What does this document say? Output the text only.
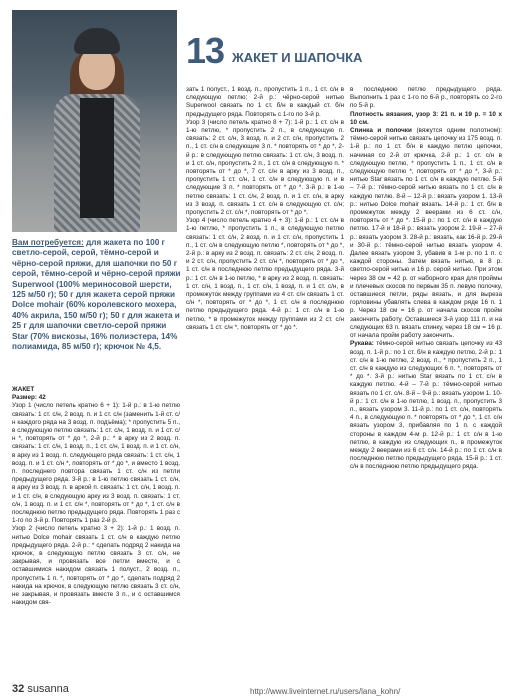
13 ЖАКЕТ И ШАПОЧКА
Вам потребуется: для жакета по 100 г светло-серой, серой, тёмно-серой и чёрно-серой пряжи, для шапочки по 50 г серой, тёмно-серой и чёрно-серой пряжи Superwool (100% мериносовой шерсти, 125 м/50 г); 50 г для жакета серой пряжи Dolce mohair (60% королевского мохера, 40% акрила, 150 м/50 г); 50 г для жакета и 25 г для шапочки светло-серой пряжи Star (70% вискозы, 16% полиэстера, 14% полиамида, 85 м/50 г); крючок № 4,5.
ЖАКЕТ
Размер: 42

Узор 1 (число петель кратно 6 + 1): 1-й р.: в 1-ю петлю связать: 1 ст. с/н, 2 возд. п. и 1 ст. с/н (заменить 1-й ст. с/н каждого ряда на 3 возд. п. подъёма); * пропустить 5 п., в следующую петлю связать: 1 ст. с/н, 1 возд. п. и 1 ст. с/н *, повторять от * до *, 2-й р.: * в арку из 2 возд. п. связать: 1 ст. с/н, 1 возд. п., 1 ст. с/н, 1 возд. п. и 1 ст. с/н, в арку из 1 возд. п. следующего ряда связать: 1 ст. с/н, 1 возд. п. и 1 ст. с/н *, повторять от * до *, и вместо 1 возд. п. последнего повтора связать 1 ст. с/н из петли предыдущего ряда. 3-й р.: в 1-ю петлю связать 1 ст. с/н, в арку из 3 возд. п. в аркой п. связать: 1 ст. с/н, 1 возд. п. и 1 ст. с/н, в следующую арку из 3 возд. п. связать: 1 ст. с/н, 1 возд. п. и 1 ст. с/н *, повторять от * до *, 1 ст. с/н в последнюю петлю предыдущего ряда. Повторять 1 раз с 1-го по 3-й р. Повторять 1 раз 2-й р.

Узор 2 (число петель кратно 3 + 2): 1-й р.: 1 возд. п. нитью Dolce mohair связать 1 ст. с/н в каждую петлю предыдущего ряда. 2-й р.: * сделать подряд 2 накида на крючок, в следующую петлю связать 3 ст. с/н, не закрывая, и провязать все петли вместе, и с оставшимися накидом связать 1 полуст., 2 возд. п., пропустить 1 п. *, повторять от * до *, сделать подряд 2 накида на крючок, в следующую петлю связать 3 ст. с/н, не закрывая, и провязать вместе 3 п., и с оставшимся накидом свя-

зать 1 полуст., 1 возд. п., пропустить 1 п., 1 ст. с/н в следующую петлю; 2-й р.: чёрно-серой нитью Superwool связать по 1 ст. б/н в каждый ст. б/н предыдущего ряда. Повторять с 1-го по 3-й р.

Узор 3 (число петель кратно 8 + 7): 1-й р.: 1 ст. с/н в 1-ю петлю, * пропустить 2 п., в следующую п. связать: 2 ст. с/н, 3 возд. п. и 2 ст. с/н, пропустить 2 п., 1 ст. с/н в следующие 3 п. * повторять от * до *, 2-й р.: в следующую петлю связать: 1 ст. с/н, 3 возд. п. и 1 ст. с/н, пропустить 2 п., 1 ст. с/н в следующую п. * повторять от * до *, 7 ст. с/н в арку из 3 возд. п., пропустить 1 ст. с/н, 1 ст. с/н в следующую п. и в следующие 3 п. * повторять от * до *. 3-й р.: в 1-ю петлю связать: 1 ст. с/н, 2 возд. п. и 1 ст. с/н, в арку из 3 возд. п. связать 1 ст. с/н в следующую ст. с/н; пропустить 2 ст. с/н *, повторять от * до *.

Узор 4 (число петель кратно 4 + 3): 1-й р.: 1 ст. с/н в 1-ю петлю, * пропустить 1 п., в следующую петлю связать: 1 ст. с/н, 2 возд. п. и 1 ст. с/н, пропустить 1 п., 1 ст. с/н в следующую петлю *, повторять от * до *, 2-й р.: в арку из 2 возд. п. связать: 2 ст. с/н, 2 возд. п. и 2 ст. с/н, пропустить 2 ст. с/н *, повторять от * до *, 1 ст. с/н в последнюю петлю предыдущего ряда. 3-й р.: 1 ст. с/н в 1-ю петлю, * в арку из 2 возд. п. связать: 1 ст. с/н, 1 возд. п., 1 ст. с/н, 1 возд. п. и 1 ст. с/н, в промежуток между группами из 4 ст. с/н связать 1 ст. с/н *, повторять от * до *, 1 ст. с/н в последнюю петлю предыдущего ряда. 4-й р.: 1 ст. с/н в 1-ю петлю, * в промежуток между группами из 2 ст. с/н связать 1 ст. с/н *, повторять от * до *.

в последнюю петлю предыдущего ряда. Выполнить 1 раз с 1-го по 6-й р., повторять со 2-го по 5-й р.

Плотность вязания, узор 3: 21 п. и 19 р. = 10 х 10 см.

Спинка и полочки (вяжутся одним полотном): тёмно-серой нитью связать цепочку из 175 возд. п. 1-й р.: по 1 ст. б/н в каждую петлю цепочки, начиная со 2-й от крючка, 2-й р.: 1 ст. с/н в следующую петлю, * пропустить 1 п., 1 ст. с/н в следующую петлю *, повторять от * до *, 3-й р.: нитью Star вязать по 1 ст. с/н в каждую петлю. 5-й – 7-й р.: тёмно-серой нитью вязать по 1 ст. с/н в каждую петлю. 8-й – 12-й р.: вязать узором 1. 13-й р.: нитью Dolce mohair вязать. 14-й р.: 1 ст. б/н в промежуток между 2 веерами из 6 ст. с/н, повторять от * до *. 15-й р.: по 1 ст. с/н в каждую петлю. 17-й и 18-й р.: вязать узором 2. 19-й – 27-й р.: вязать узором 3. 28-й р.: вязать, как 16-й р. 29-й и 30-й р.: тёмно-серой нитью вязать узором 4. Далее вязать узором 3, убавив в 1-м р. по 1 п. с каждой стороны. Затем вязать нитью, в 8 р. светло-серой нитью и 16 р. серой нитью. При этом через 38 см = 42 р. от наборного края для проймы и плечевых скосов по первым 35 п. левую полочку, оставшиеся петли, ряды вязать, и для выреза горловины убавлять слева в каждом ряде 16 п. 1 р. Через 18 см = 16 р. от начала скосов пройм закончить работу. Оставшиеся 3-й узор 111 п. и на следующих 63 п. вязать спинку, через 18 см = 16 р. от начала пройм работу закончить.

Рукава: тёмно-серой нитью связать цепочку из 43 возд. п. 1-й р.: по 1 ст. б/н в каждую петлю, 2-й р.: 1 ст. с/н в 1-ю петлю, 2 возд. п., * пропустить 2 п., 1 ст. с/н в каждую из следующих 6 п. *, повторять от * до *. 3-й р.: нитью Star вязать по 1 ст. с/н в каждую петлю. 4-й – 7-й р.: тёмно-серой нитью вязать по 1 ст. с/н. 8-й – 9-й р.: вязать узором 1. 10-й р.: 1 ст. с/н в 1-ю петлю, 1 возд. п., пропустить 3 п., вязать узором 3. 11-й р.: по 1 ст. с/н, повторять 4 п., в следующую п. * повторять от * до *, 1 ст. с/н вязать узором 3, прибавляя по 1 п. с каждой стороны в каждом 4-м р. 12-й р.: 1 ст. с/н в 1-ю петлю, в каждую из следующих п., в промежуток между 2 веерами из 6 ст. с/н. 14-й р.: по 1 ст. с/н в последнюю петлю предыдущего ряда. 15-й р.: 1 ст. с/н в последнюю петлю предыдущего ряда.

32 susanna	http://www.liveinternet.ru/users/lana_kohn/
